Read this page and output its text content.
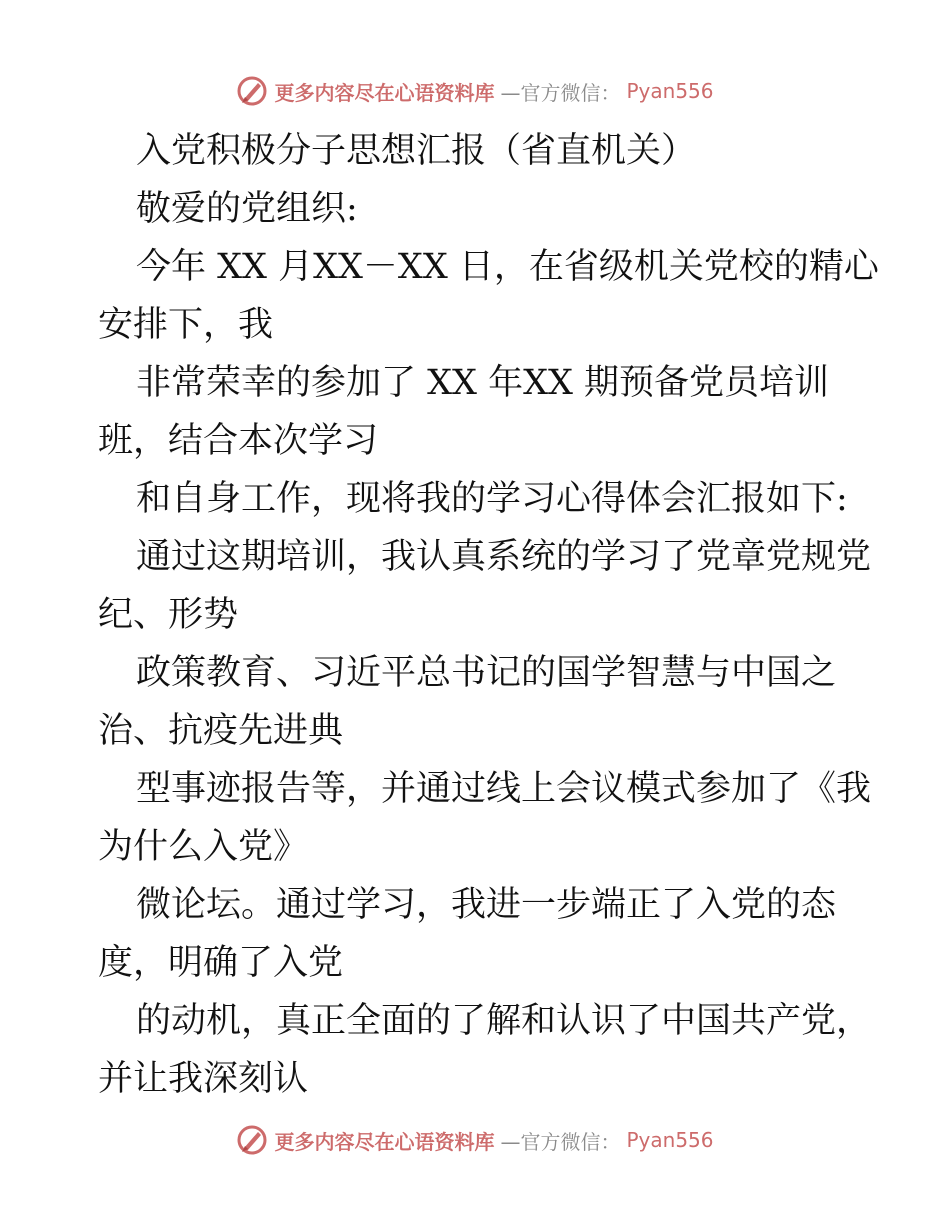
更多内容尽在心语资料库 —官方微信： Pyan556
入党积极分子思想汇报（省直机关）
敬爱的党组织:
今年 XX 月XX－XX 日，在省级机关党校的精心
安排下，我
非常荣幸的参加了 XX 年XX 期预备党员培训
班，结合本次学习
和自身工作，现将我的学习心得体会汇报如下:
通过这期培训，我认真系统的学习了党章党规党
纪、形势
政策教育、习近平总书记的国学智慧与中国之
治、抗疫先进典
型事迹报告等，并通过线上会议模式参加了《我
为什么入党》
微论坛。通过学习，我进一步端正了入党的态
度，明确了入党
的动机，真正全面的了解和认识了中国共产党，
并让我深刻认
更多内容尽在心语资料库 —官方微信： Pyan556
